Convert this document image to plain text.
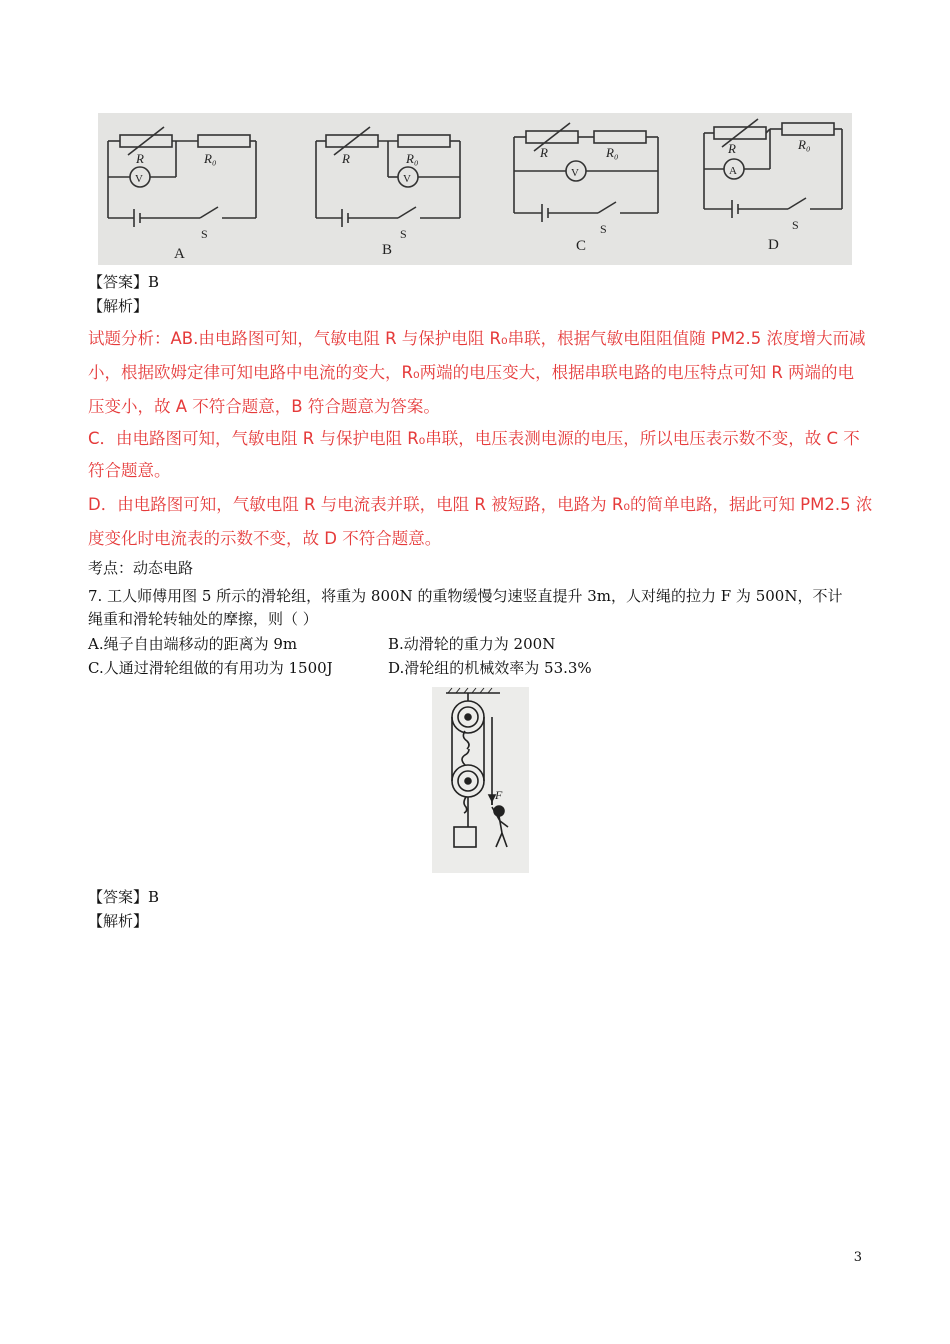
R	R₀
V
S
A
R	R₀
V
S
B
R	R₀
V
S
C
R	R₀
A
S
D
【答案】B
【解析】
试题分析：AB.由电路图可知，气敏电阻 R 与保护电阻 R₀串联，根据气敏电阻阻值随 PM2.5 浓度增大而减
小，根据欧姆定律可知电路中电流的变大，R₀两端的电压变大，根据串联电路的电压特点可知 R 两端的电
压变小，故 A 不符合题意，B 符合题意为答案。
C．由电路图可知，气敏电阻 R 与保护电阻 R₀串联，电压表测电源的电压，所以电压表示数不变，故 C 不
符合题意。
D．由电路图可知，气敏电阻 R 与电流表并联，电阻 R 被短路，电路为 R₀的简单电路，据此可知 PM2.5 浓
度变化时电流表的示数不变，故 D 不符合题意。
考点：动态电路
7. 工人师傅用图 5 所示的滑轮组，将重为 800N 的重物缓慢匀速竖直提升 3m，人对绳的拉力 F 为 500N，不计
绳重和滑轮转轴处的摩擦，则（ ）
A.绳子自由端移动的距离为 9m	B.动滑轮的重力为 200N
C.人通过滑轮组做的有用功为 1500J	D.滑轮组的机械效率为 53.3%
F
【答案】B
【解析】
3
